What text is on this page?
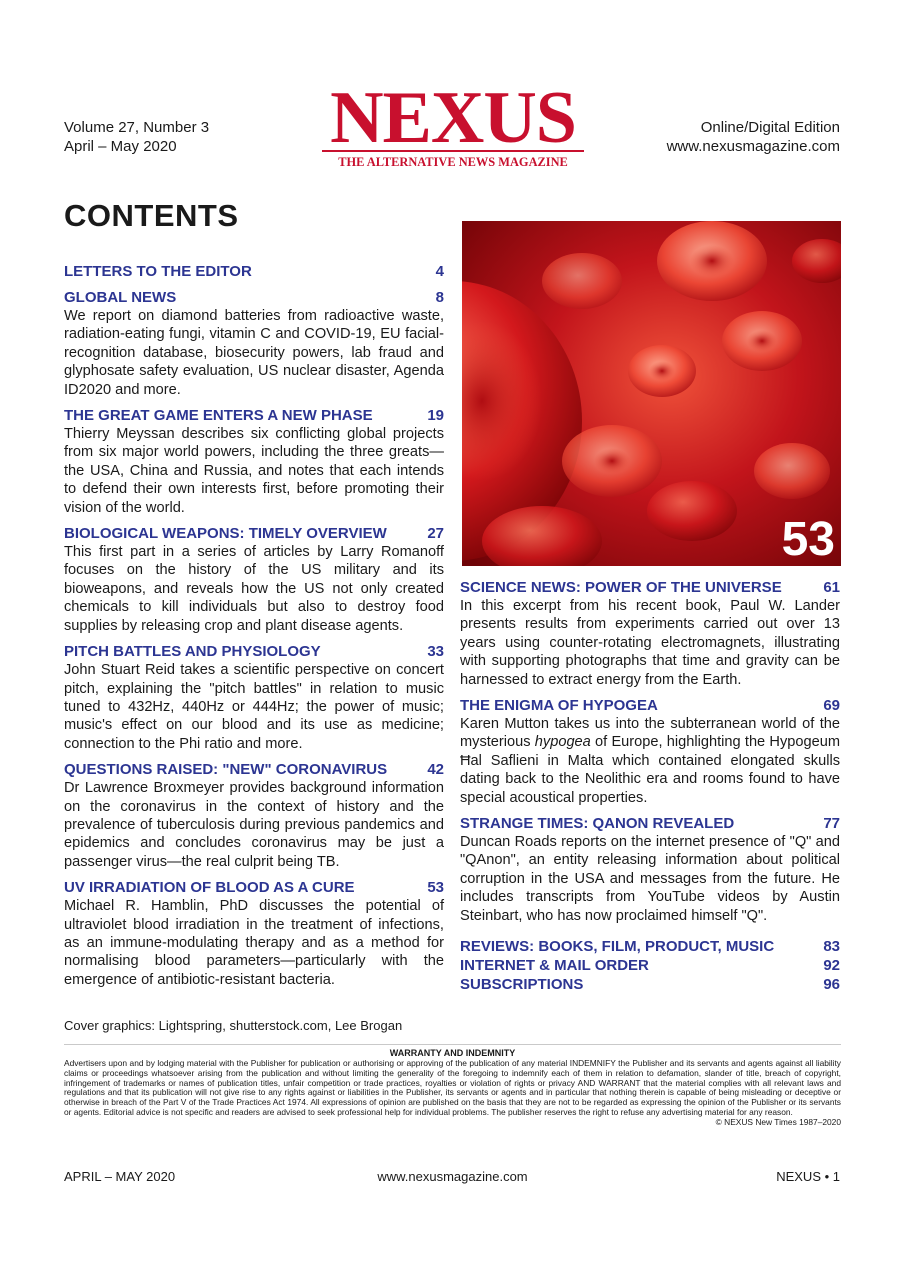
Volume 27, Number 3
April – May 2020	NEXUS
THE ALTERNATIVE NEWS MAGAZINE
Online/Digital Edition
www.nexusmagazine.com
CONTENTS
LETTERS TO THE EDITOR	4
GLOBAL NEWS	8
We report on diamond batteries from radioactive waste, radiation-eating fungi, vitamin C and COVID-19, EU facial-recognition database, biosecurity powers, lab fraud and glyphosate safety evaluation, US nuclear disaster, Agenda ID2020 and more.
THE GREAT GAME ENTERS A NEW PHASE	19
Thierry Meyssan describes six conflicting global projects from six major world powers, including the three greats—the USA, China and Russia, and notes that each intends to defend their own interests first, before promoting their vision of the world.
BIOLOGICAL WEAPONS: TIMELY OVERVIEW	27
This first part in a series of articles by Larry Romanoff focuses on the history of the US military and its bioweapons, and reveals how the US not only created chemicals to kill individuals but also to destroy food supplies by releasing crop and plant disease agents.
PITCH BATTLES AND PHYSIOLOGY	33
John Stuart Reid takes a scientific perspective on concert pitch, explaining the "pitch battles" in relation to music tuned to 432Hz, 440Hz or 444Hz; the power of music; music's effect on our blood and its use as medicine; connection to the Phi ratio and more.
QUESTIONS RAISED: "NEW" CORONAVIRUS	42
Dr Lawrence Broxmeyer provides background information on the coronavirus in the context of history and the prevalence of tuberculosis during previous pandemics and epidemics and concludes coronavirus may be just a passenger virus—the real culprit being TB.
UV IRRADIATION OF BLOOD AS A CURE	53
Michael R. Hamblin, PhD discusses the potential of ultraviolet blood irradiation in the treatment of infections, as an immune-modulating therapy and as a method for normalising blood parameters—particularly with the emergence of antibiotic-resistant bacteria.
53
SCIENCE NEWS: POWER OF THE UNIVERSE	61
In this excerpt from his recent book, Paul W. Lander presents results from experiments carried out over 13 years using counter-rotating electromagnets, illustrating with supporting photographs that time and gravity can be harnessed to extract energy from the Earth.
THE ENIGMA OF HYPOGEA	69
Karen Mutton takes us into the subterranean world of the mysterious hypogea of Europe, highlighting the Hypogeum Ħal Saflieni in Malta which contained elongated skulls dating back to the Neolithic era and rooms found to have special acoustical properties.
STRANGE TIMES: QANON REVEALED	77
Duncan Roads reports on the internet presence of "Q" and "QAnon", an entity releasing information about political corruption in the USA and messages from the future. He includes transcripts from YouTube videos by Austin Steinbart, who has now proclaimed himself "Q".
REVIEWS: BOOKS, FILM, PRODUCT, MUSIC	83
INTERNET & MAIL ORDER	92
SUBSCRIPTIONS	96
Cover graphics: Lightspring, shutterstock.com, Lee Brogan
WARRANTY AND INDEMNITY
Advertisers upon and by lodging material with the Publisher for publication or authorising or approving of the publication of any material INDEMNIFY the Publisher and its servants and agents against all liability claims or proceedings whatsoever arising from the publication and without limiting the generality of the foregoing to indemnify each of them in relation to defamation, slander of title, breach of copyright, infringement of trademarks or names of publication titles, unfair competition or trade practices, royalties or violation of rights or privacy AND WARRANT that the material complies with all relevant laws and regulations and that its publication will not give rise to any rights against or liabilities in the Publisher, its servants or agents and in particular that nothing therein is capable of being misleading or deceptive or otherwise in breach of the Part V of the Trade Practices Act 1974. All expressions of opinion are published on the basis that they are not to be regarded as expressing the opinion of the Publisher or its servants or agents. Editorial advice is not specific and readers are advised to seek professional help for individual problems. The publisher reserves the right to refuse any advertising material for any reason.
© NEXUS New Times 1987–2020
APRIL – MAY 2020	www.nexusmagazine.com	NEXUS • 1
